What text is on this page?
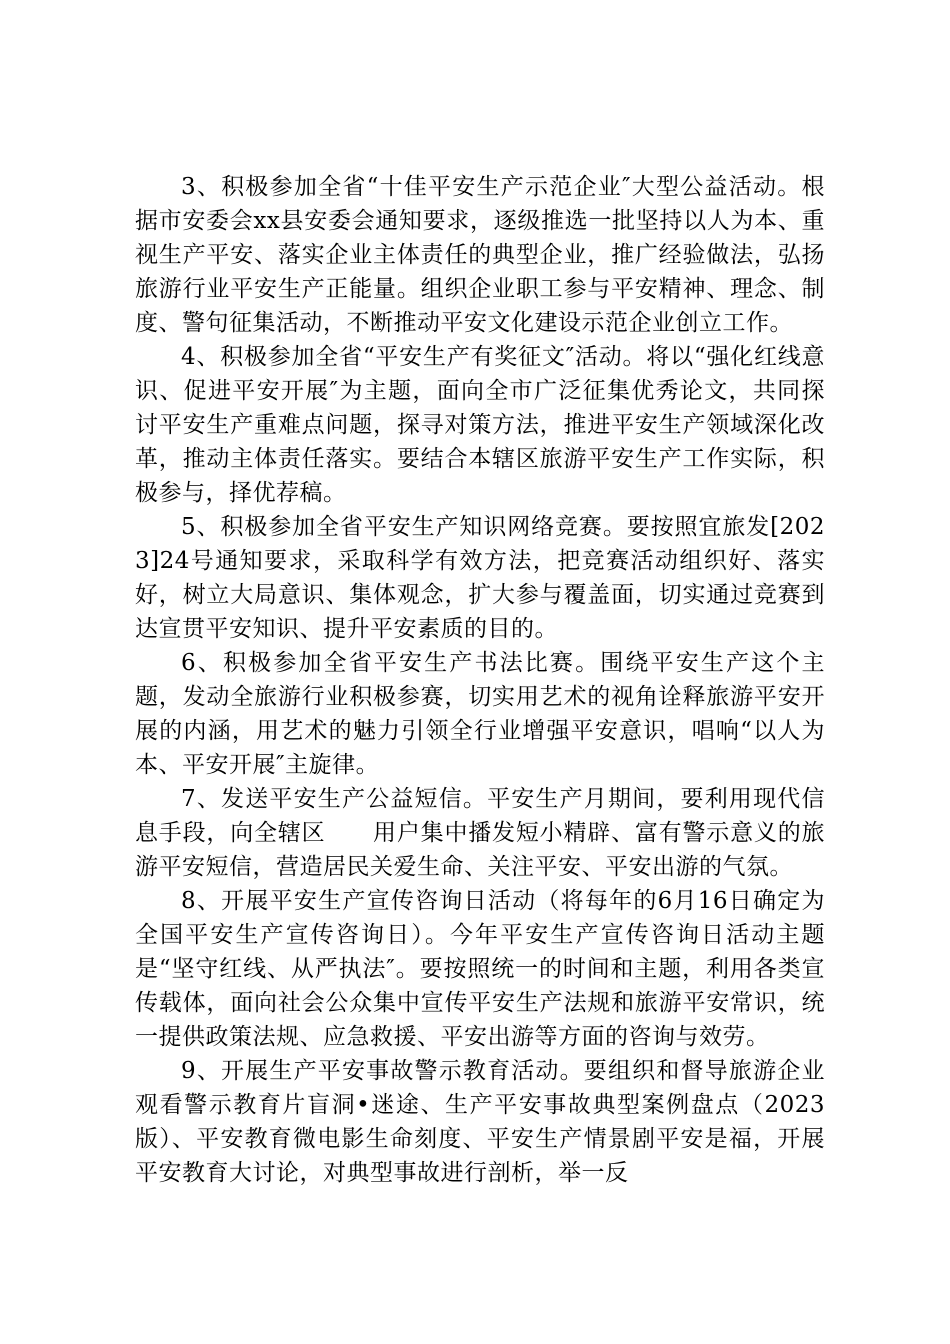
3、积极参加全省“十佳平安生产示范企业″大型公益活动。根据市安委会xx县安委会通知要求，逐级推选一批坚持以人为本、重视生产平安、落实企业主体责任的典型企业，推广经验做法，弘扬旅游行业平安生产正能量。组织企业职工参与平安精神、理念、制度、警句征集活动，不断推动平安文化建设示范企业创立工作。

4、积极参加全省“平安生产有奖征文″活动。将以“强化红线意识、促进平安开展″为主题，面向全市广泛征集优秀论文，共同探讨平安生产重难点问题，探寻对策方法，推进平安生产领域深化改革，推动主体责任落实。要结合本辖区旅游平安生产工作实际，积极参与，择优荐稿。

5、积极参加全省平安生产知识网络竞赛。要按照宜旅发[2023]24号通知要求，采取科学有效方法，把竞赛活动组织好、落实好，树立大局意识、集体观念，扩大参与覆盖面，切实通过竞赛到达宣贯平安知识、提升平安素质的目的。

6、积极参加全省平安生产书法比赛。围绕平安生产这个主题，发动全旅游行业积极参赛，切实用艺术的视角诠释旅游平安开展的内涵，用艺术的魅力引领全行业增强平安意识，唱响“以人为本、平安开展″主旋律。

7、发送平安生产公益短信。平安生产月期间，要利用现代信息手段，向全辖区　　用户集中播发短小精辟、富有警示意义的旅游平安短信，营造居民关爱生命、关注平安、平安出游的气氛。

8、开展平安生产宣传咨询日活动（将每年的6月16日确定为全国平安生产宣传咨询日）。今年平安生产宣传咨询日活动主题是“坚守红线、从严执法″。要按照统一的时间和主题，利用各类宣传载体，面向社会公众集中宣传平安生产法规和旅游平安常识，统一提供政策法规、应急救援、平安出游等方面的咨询与效劳。

9、开展生产平安事故警示教育活动。要组织和督导旅游企业观看警示教育片盲洞•迷途、生产平安事故典型案例盘点（2023版）、平安教育微电影生命刻度、平安生产情景剧平安是福，开展平安教育大讨论，对典型事故进行剖析，举一反
